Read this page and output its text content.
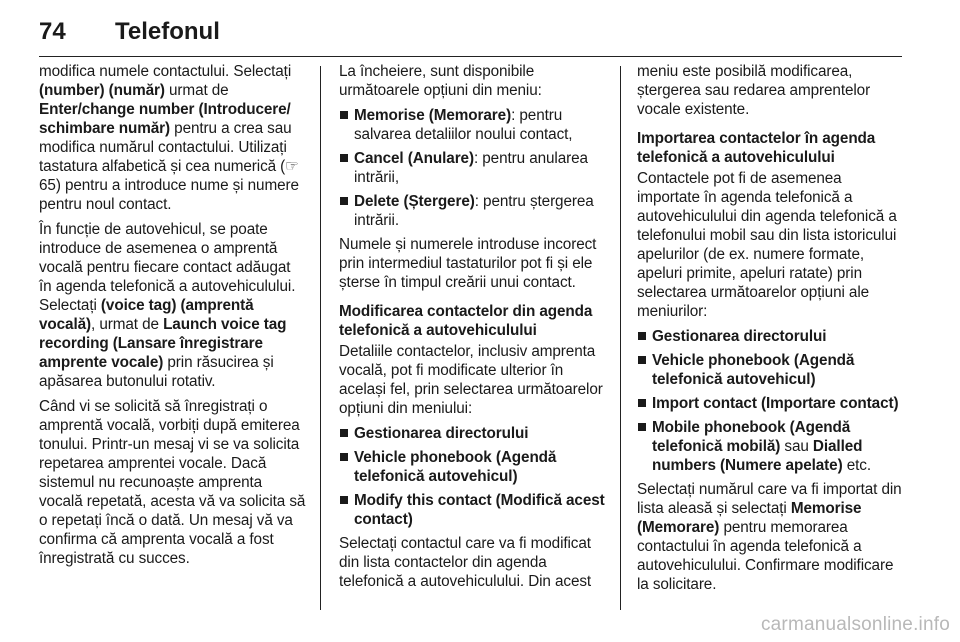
74 Telefonul

modifica numele contactului. Selectați (number) (număr) urmat de Enter/change number (Introducere/ schimbare număr) pentru a crea sau modifica numărul contactului. Utilizați tastatura alfabetică și cea numerică (☞ 65) pentru a introduce nume și numere pentru noul contact.

În funcție de autovehicul, se poate introduce de asemenea o amprentă vocală pentru fiecare contact adăugat în agenda telefonică a autovehiculului. Selectați (voice tag) (amprentă vocală), urmat de Launch voice tag recording (Lansare înregistrare amprente vocale) prin răsucirea și apăsarea butonului rotativ.

Când vi se solicită să înregistrați o amprentă vocală, vorbiți după emiterea tonului. Printr-un mesaj vi se va solicita repetarea amprentei vocale. Dacă sistemul nu recunoaște amprenta vocală repetată, acesta vă va solicita să o repetați încă o dată. Un mesaj vă va confirma că amprenta vocală a fost înregistrată cu succes.

La încheiere, sunt disponibile următoarele opțiuni din meniu:

Memorise (Memorare): pentru salvarea detaliilor noului contact,
Cancel (Anulare): pentru anularea intrării,
Delete (Ștergere): pentru ștergerea intrării.

Numele și numerele introduse incorect prin intermediul tastaturilor pot fi și ele șterse în timpul creării unui contact.

Modificarea contactelor din agenda telefonică a autovehiculului

Detaliile contactelor, inclusiv amprenta vocală, pot fi modificate ulterior în același fel, prin selectarea următoarelor opțiuni din meniului:

Gestionarea directorului
Vehicle phonebook (Agendă telefonică autovehicul)
Modify this contact (Modifică acest contact)

Selectați contactul care va fi modificat din lista contactelor din agenda telefonică a autovehiculului. Din acest

meniu este posibilă modificarea, ștergerea sau redarea amprentelor vocale existente.

Importarea contactelor în agenda telefonică a autovehiculului

Contactele pot fi de asemenea importate în agenda telefonică a autovehiculului din agenda telefonică a telefonului mobil sau din lista istoricului apelurilor (de ex. numere formate, apeluri primite, apeluri ratate) prin selectarea următoarelor opțiuni ale meniurilor:

Gestionarea directorului
Vehicle phonebook (Agendă telefonică autovehicul)
Import contact (Importare contact)
Mobile phonebook (Agendă telefonică mobilă) sau Dialled numbers (Numere apelate) etc.

Selectați numărul care va fi importat din lista aleasă și selectați Memorise (Memorare) pentru memorarea contactului în agenda telefonică a autovehiculului. Confirmare modificare la solicitare.

carmanualsonline.info
